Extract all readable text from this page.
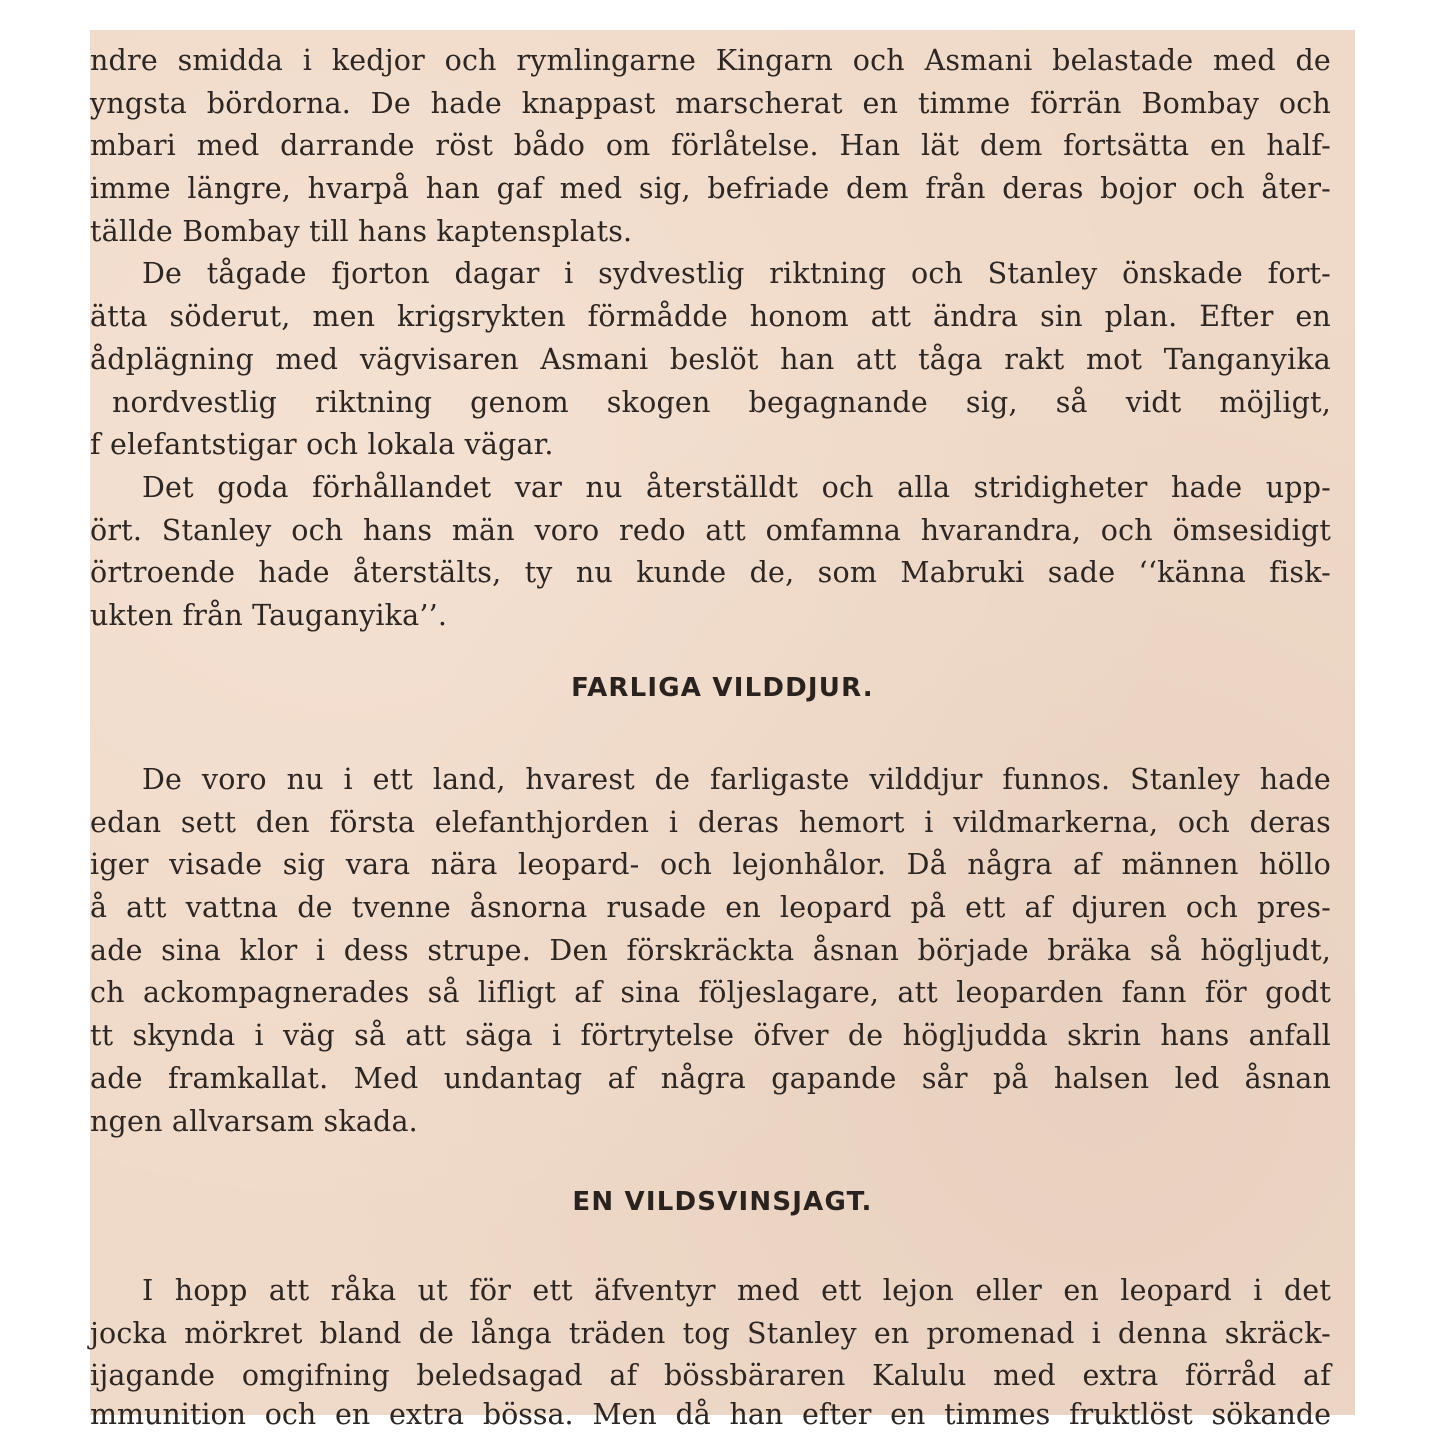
ndre smidda i kedjor och rymlingarne Kingarn och Asmani belastade med de
yngsta bördorna. De hade knappast marscherat en timme förrän Bombay och
mbari med darrande röst bådo om förlåtelse. Han lät dem fortsätta en half-
imme längre, hvarpå han gaf med sig, befriade dem från deras bojor och åter-
tällde Bombay till hans kaptensplats.
De tågade fjorton dagar i sydvestlig riktning och Stanley önskade fort-
ätta söderut, men krigsrykten förmådde honom att ändra sin plan. Efter en
ådplägning med vägvisaren Asmani beslöt han att tåga rakt mot Tanganyika
nordvestlig riktning genom skogen begagnande sig, så vidt möjligt,
f elefantstigar och lokala vägar.
Det goda förhållandet var nu återställdt och alla stridigheter hade upp-
ört. Stanley och hans män voro redo att omfamna hvarandra, och ömsesidigt
örtroende hade återstälts, ty nu kunde de, som Mabruki sade ‘‘känna fisk-
ukten från Tauganyika’’.
FARLIGA VILDDJUR.
De voro nu i ett land, hvarest de farligaste vilddjur funnos. Stanley hade
edan sett den första elefanthjorden i deras hemort i vildmarkerna, och deras
iger visade sig vara nära leopard- och lejonhålor. Då några af männen höllo
å att vattna de tvenne åsnorna rusade en leopard på ett af djuren och pres-
ade sina klor i dess strupe. Den förskräckta åsnan började bräka så högljudt,
ch ackompagnerades så lifligt af sina följeslagare, att leoparden fann för godt
tt skynda i väg så att säga i förtrytelse öfver de högljudda skrin hans anfall
ade framkallat. Med undantag af några gapande sår på halsen led åsnan
ngen allvarsam skada.
EN VILDSVINSJAGT.
I hopp att råka ut för ett äfventyr med ett lejon eller en leopard i det
jocka mörkret bland de långa träden tog Stanley en promenad i denna skräck-
ijagande omgifning beledsagad af bössbäraren Kalulu med extra förråd af
mmunition och en extra bössa. Men då han efter en timmes fruktlöst sökande
